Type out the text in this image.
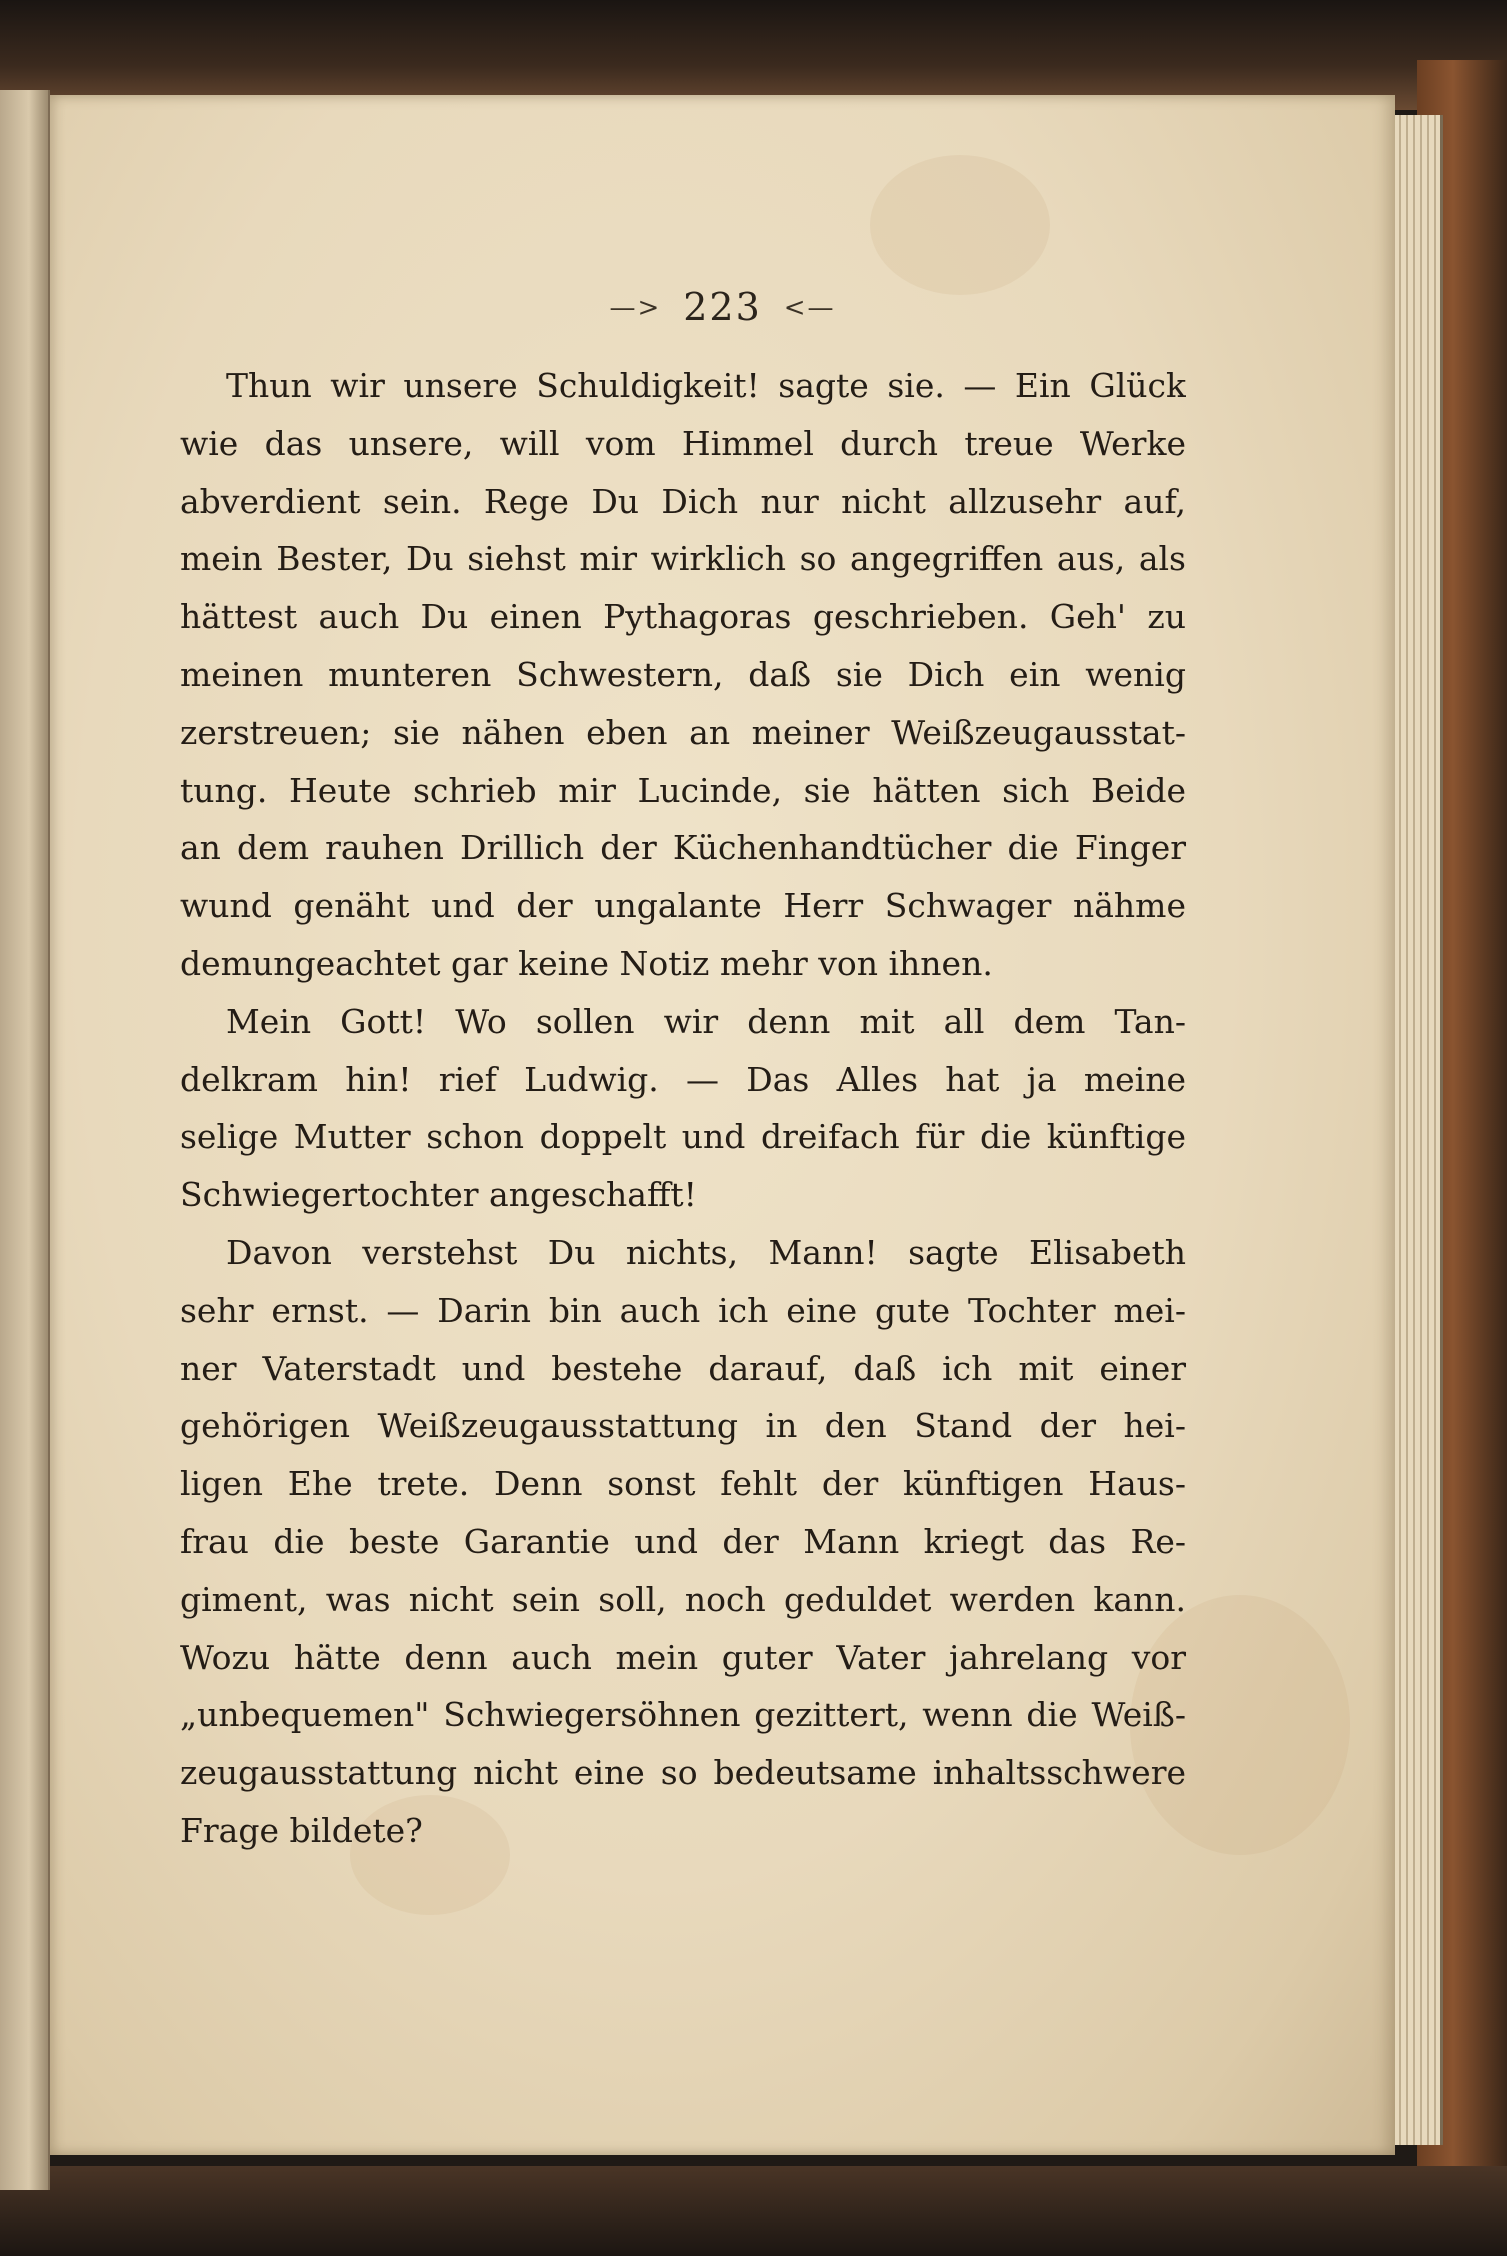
—> 223 <—
Thun wir unsere Schuldigkeit! sagte sie. — Ein Glück
wie das unsere, will vom Himmel durch treue Werke
abverdient sein. Rege Du Dich nur nicht allzusehr auf,
mein Bester, Du siehst mir wirklich so angegriffen aus, als
hättest auch Du einen Pythagoras geschrieben. Geh' zu
meinen munteren Schwestern, daß sie Dich ein wenig
zerstreuen; sie nähen eben an meiner Weißzeugausstat-
tung. Heute schrieb mir Lucinde, sie hätten sich Beide
an dem rauhen Drillich der Küchenhandtücher die Finger
wund genäht und der ungalante Herr Schwager nähme
demungeachtet gar keine Notiz mehr von ihnen.
Mein Gott! Wo sollen wir denn mit all dem Tan-
delkram hin! rief Ludwig. — Das Alles hat ja meine
selige Mutter schon doppelt und dreifach für die künftige
Schwiegertochter angeschafft!
Davon verstehst Du nichts, Mann! sagte Elisabeth
sehr ernst. — Darin bin auch ich eine gute Tochter mei-
ner Vaterstadt und bestehe darauf, daß ich mit einer
gehörigen Weißzeugausstattung in den Stand der hei-
ligen Ehe trete. Denn sonst fehlt der künftigen Haus-
frau die beste Garantie und der Mann kriegt das Re-
giment, was nicht sein soll, noch geduldet werden kann.
Wozu hätte denn auch mein guter Vater jahrelang vor
„unbequemen" Schwiegersöhnen gezittert, wenn die Weiß-
zeugausstattung nicht eine so bedeutsame inhaltsschwere
Frage bildete?
